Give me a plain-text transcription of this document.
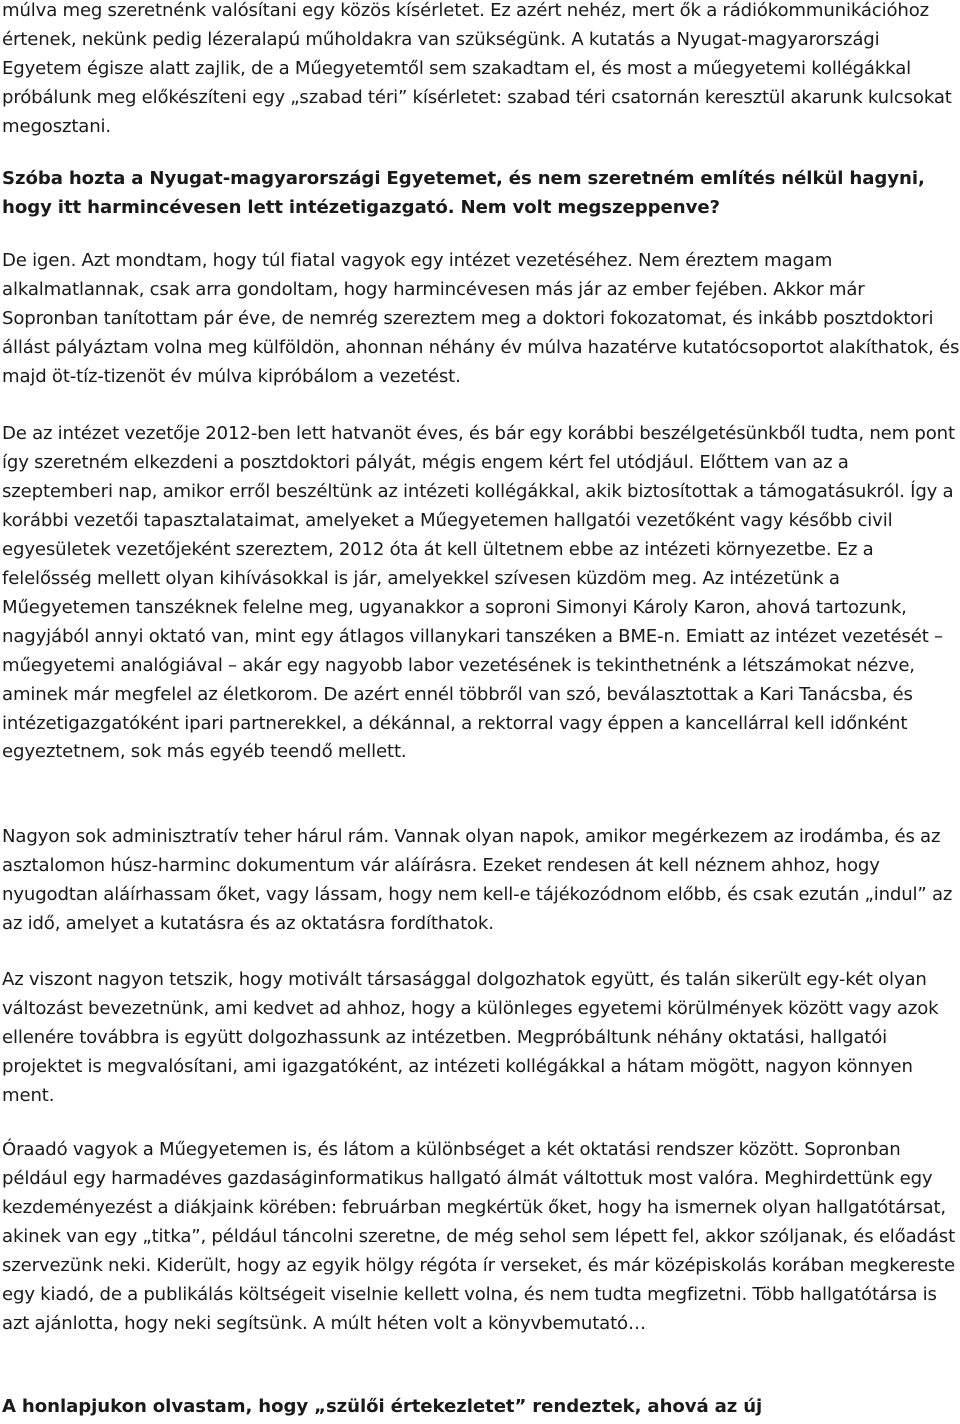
múlva meg szeretnénk valósítani egy közös kísérletet. Ez azért nehéz, mert ők a rádiókommunikációhoz értenek, nekünk pedig lézeralapú műholdakra van szükségünk. A kutatás a Nyugat-magyarországi Egyetem égisze alatt zajlik, de a Műegyetemtől sem szakadtam el, és most a műegyetemi kollégákkal próbálunk meg előkészíteni egy „szabad téri” kísérletet: szabad téri csatornán keresztül akarunk kulcsokat megosztani.

Szóba hozta a Nyugat-magyarországi Egyetemet, és nem szeretném említés nélkül hagyni, hogy itt harmincévesen lett intézetigazgató. Nem volt megszeppenve?

De igen. Azt mondtam, hogy túl fiatal vagyok egy intézet vezetéséhez. Nem éreztem magam alkalmatlannak, csak arra gondoltam, hogy harmincévesen más jár az ember fejében. Akkor már Sopronban tanítottam pár éve, de nemrég szereztem meg a doktori fokozatomat, és inkább posztdoktori állást pályáztam volna meg külföldön, ahonnan néhány év múlva hazatérve kutatócsoportot alakíthatok, és majd öt-tíz-tizenöt év múlva kipróbálom a vezetést.

De az intézet vezetője 2012-ben lett hatvanöt éves, és bár egy korábbi beszélgetésünkből tudta, nem pont így szeretném elkezdeni a posztdoktori pályát, mégis engem kért fel utódjául. Előttem van az a szeptemberi nap, amikor erről beszéltünk az intézeti kollégákkal, akik biztosítottak a támogatásukról. Így a korábbi vezetői tapasztalataimat, amelyeket a Műegyetemen hallgatói vezetőként vagy később civil egyesületek vezetőjeként szereztem, 2012 óta át kell ültetnem ebbe az intézeti környezetbe. Ez a felelősség mellett olyan kihívásokkal is jár, amelyekkel szívesen küzdöm meg. Az intézetünk a Műegyetemen tanszéknek felelne meg, ugyanakkor a soproni Simonyi Károly Karon, ahová tartozunk, nagyjából annyi oktató van, mint egy átlagos villanykari tanszéken a BME-n. Emiatt az intézet vezetését – műegyetemi analógiával – akár egy nagyobb labor vezetésének is tekinthetnénk a létszámokat nézve, aminek már megfelel az életkorom. De azért ennél többről van szó, beválasztottak a Kari Tanácsba, és intézetigazgatóként ipari partnerekkel, a dékánnal, a rektorral vagy éppen a kancellárral kell időnként egyeztetnem, sok más egyéb teendő mellett.

Nagyon sok adminisztratív teher hárul rám. Vannak olyan napok, amikor megérkezem az irodámba, és az asztalomon húsz-harminc dokumentum vár aláírásra. Ezeket rendesen át kell néznem ahhoz, hogy nyugodtan aláírhassam őket, vagy lássam, hogy nem kell-e tájékozódnom előbb, és csak ezután „indul” az az idő, amelyet a kutatásra és az oktatásra fordíthatok.

Az viszont nagyon tetszik, hogy motivált társasággal dolgozhatok együtt, és talán sikerült egy-két olyan változást bevezetnünk, ami kedvet ad ahhoz, hogy a különleges egyetemi körülmények között vagy azok ellenére továbbra is együtt dolgozhassunk az intézetben. Megpróbáltunk néhány oktatási, hallgatói projektet is megvalósítani, ami igazgatóként, az intézeti kollégákkal a hátam mögött, nagyon könnyen ment.

Óraadó vagyok a Műegyetemen is, és látom a különbséget a két oktatási rendszer között. Sopronban például egy harmadéves gazdaságinformatikus hallgató álmát váltottuk most valóra. Meghirdettünk egy kezdeményezést a diákjaink körében: februárban megkértük őket, hogy ha ismernek olyan hallgatótársat, akinek van egy „titka”, például táncolni szeretne, de még sehol sem lépett fel, akkor szóljanak, és előadást szervezünk neki. Kiderült, hogy az egyik hölgy régóta ír verseket, és már középiskolás korában megkereste egy kiadó, de a publikálás költségeit viselnie kellett volna, és nem tudta megfizetni. Több hallgatótársa is azt ajánlotta, hogy neki segítsünk. A múlt héten volt a könyvbemutató…

A honlapjukon olvastam, hogy „szülői értekezletet” rendeztek, ahová az új
